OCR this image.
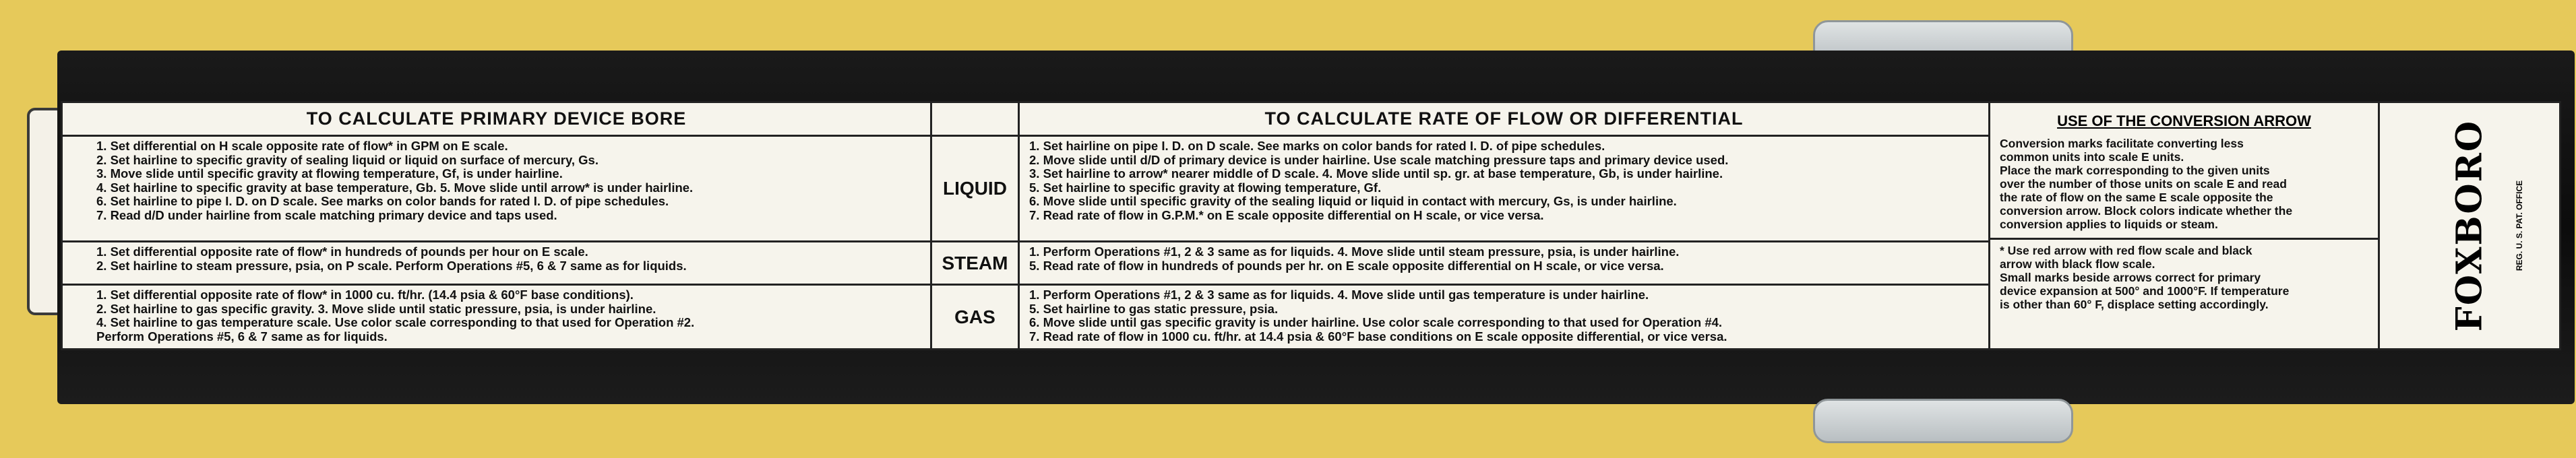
TO CALCULATE PRIMARY DEVICE BORE
1. Set differential on H scale opposite rate of flow* in GPM on E scale.
2. Set hairline to specific gravity of sealing liquid or liquid on surface of mercury, Gs.
3. Move slide until specific gravity at flowing temperature, Gf, is under hairline.
4. Set hairline to specific gravity at base temperature, Gb. 5. Move slide until arrow* is under hairline.
6. Set hairline to pipe I. D. on D scale. See marks on color bands for rated I. D. of pipe schedules.
7. Read d/D under hairline from scale matching primary device and taps used.
1. Set differential opposite rate of flow* in hundreds of pounds per hour on E scale.
2. Set hairline to steam pressure, psia, on P scale. Perform Operations #5, 6 & 7 same as for liquids.
1. Set differential opposite rate of flow* in 1000 cu. ft/hr. (14.4 psia & 60°F base conditions).
2. Set hairline to gas specific gravity. 3. Move slide until static pressure, psia, is under hairline.
4. Set hairline to gas temperature scale. Use color scale corresponding to that used for Operation #2.
Perform Operations #5, 6 & 7 same as for liquids.
LIQUID
STEAM
GAS
TO CALCULATE RATE OF FLOW OR DIFFERENTIAL
1. Set hairline on pipe I. D. on D scale. See marks on color bands for rated I. D. of pipe schedules.
2. Move slide until d/D of primary device is under hairline. Use scale matching pressure taps and primary device used.
3. Set hairline to arrow* nearer middle of D scale. 4. Move slide until sp. gr. at base temperature, Gb, is under hairline.
5. Set hairline to specific gravity at flowing temperature, Gf.
6. Move slide until specific gravity of the sealing liquid or liquid in contact with mercury, Gs, is under hairline.
7. Read rate of flow in G.P.M.* on E scale opposite differential on H scale, or vice versa.
1. Perform Operations #1, 2 & 3 same as for liquids. 4. Move slide until steam pressure, psia, is under hairline.
5. Read rate of flow in hundreds of pounds per hr. on E scale opposite differential on H scale, or vice versa.
1. Perform Operations #1, 2 & 3 same as for liquids. 4. Move slide until gas temperature is under hairline.
5. Set hairline to gas static pressure, psia.
6. Move slide until gas specific gravity is under hairline. Use color scale corresponding to that used for Operation #4.
7. Read rate of flow in 1000 cu. ft/hr. at 14.4 psia & 60°F base conditions on E scale opposite differential, or vice versa.
USE OF THE CONVERSION ARROW
Conversion marks facilitate converting less
common units into scale E units.
Place the mark corresponding to the given units
over the number of those units on scale E and read
the rate of flow on the same E scale opposite the
conversion arrow. Block colors indicate whether the
conversion applies to liquids or steam.
* Use red arrow with red flow scale and black
arrow with black flow scale.
Small marks beside arrows correct for primary
device expansion at 500° and 1000°F. If temperature
is other than 60° F, displace setting accordingly.	FOXBORO	REG. U. S. PAT. OFFICE
